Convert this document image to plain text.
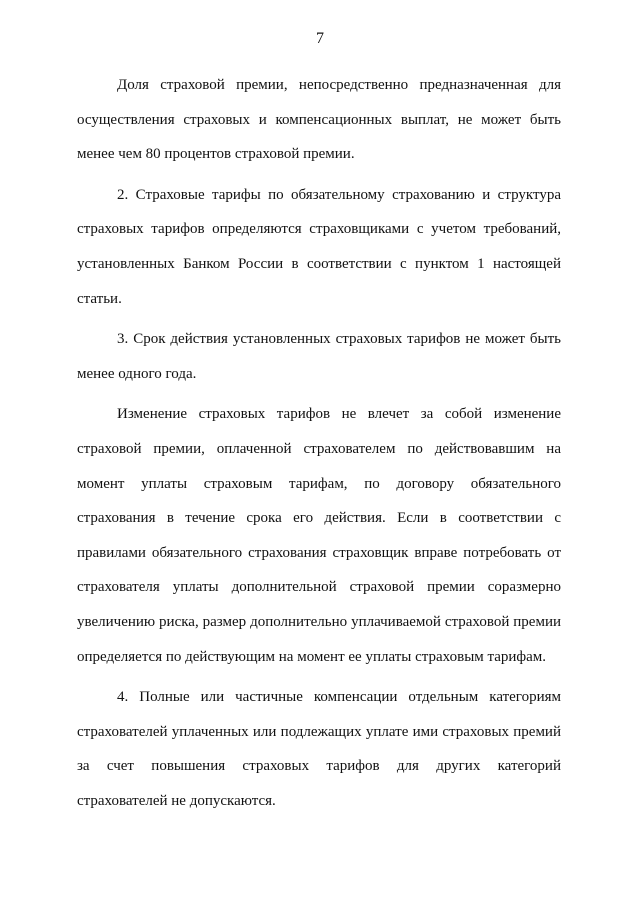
7

Доля страховой премии, непосредственно предназначенная для
осуществления страховых и компенсационных выплат, не может быть
менее чем 80 процентов страховой премии.

2. Страховые тарифы по обязательному страхованию и структура
страховых тарифов определяются страховщиками с учетом требований,
установленных Банком России в соответствии с пунктом 1 настоящей
статьи.

3. Срок действия установленных страховых тарифов не может быть
менее одного года.

Изменение страховых тарифов не влечет за собой изменение
страховой премии, оплаченной страхователем по действовавшим на
момент уплаты страховым тарифам, по договору обязательного
страхования в течение срока его действия. Если в соответствии с
правилами обязательного страхования страховщик вправе потребовать от
страхователя уплаты дополнительной страховой премии соразмерно
увеличению риска, размер дополнительно уплачиваемой страховой премии
определяется по действующим на момент ее уплаты страховым тарифам.

4. Полные или частичные компенсации отдельным категориям
страхователей уплаченных или подлежащих уплате ими страховых премий
за счет повышения страховых тарифов для других категорий
страхователей не допускаются.
